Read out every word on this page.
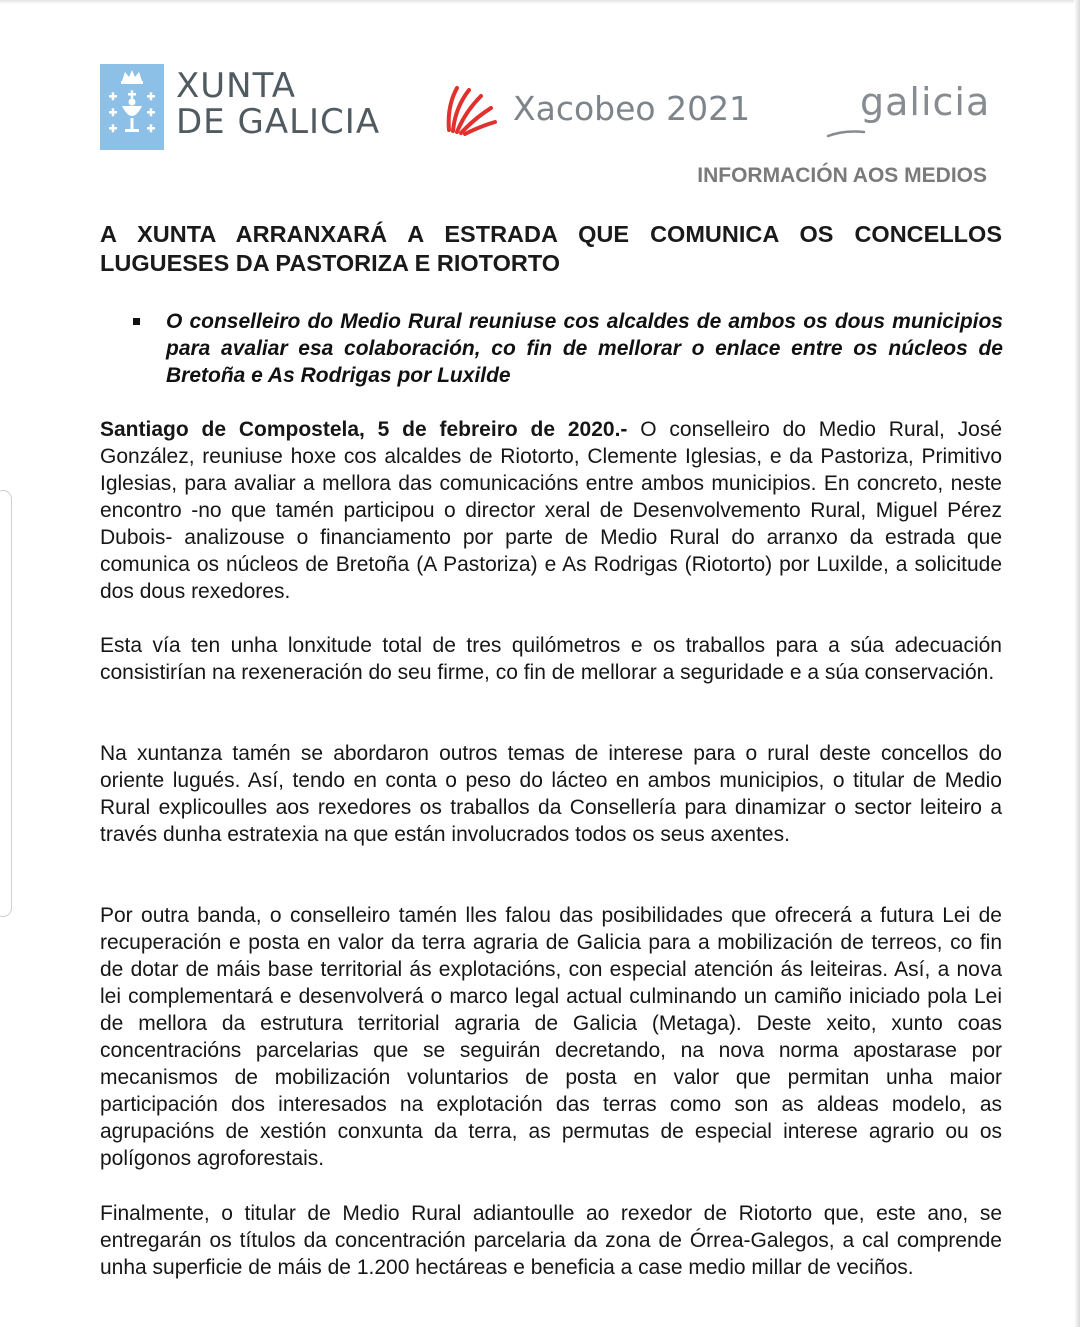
XUNTA
DE GALICIA	Xacobeo 2021	galicia
INFORMACIÓN AOS MEDIOS
A XUNTA ARRANXARÁ A ESTRADA QUE COMUNICA OS CONCELLOS LUGUESES DA PASTORIZA E RIOTORTO
O conselleiro do Medio Rural reuniuse cos alcaldes de ambos os dous municipios para avaliar esa colaboración, co fin de mellorar o enlace entre os núcleos de Bretoña e As Rodrigas por Luxilde
Santiago de Compostela, 5 de febreiro de 2020.- O conselleiro do Medio Rural, José González, reuniuse hoxe cos alcaldes de Riotorto, Clemente Iglesias, e da Pastoriza, Primitivo Iglesias, para avaliar a mellora das comunicacións entre ambos municipios. En concreto, neste encontro -no que tamén participou o director xeral de Desenvolvemento Rural, Miguel Pérez Dubois- analizouse o financiamento por parte de Medio Rural do arranxo da estrada que comunica os núcleos de Bretoña (A Pastoriza) e As Rodrigas (Riotorto) por Luxilde, a solicitude dos dous rexedores.
Esta vía ten unha lonxitude total de tres quilómetros e os traballos para a súa adecuación consistirían na rexeneración do seu firme, co fin de mellorar a seguridade e a súa conservación.
Na xuntanza tamén se abordaron outros temas de interese para o rural deste concellos do oriente lugués. Así, tendo en conta o peso do lácteo en ambos municipios, o titular de Medio Rural explicoulles aos rexedores os traballos da Consellería para dinamizar o sector leiteiro a través dunha estratexia na que están involucrados todos os seus axentes.
Por outra banda, o conselleiro tamén lles falou das posibilidades que ofrecerá a futura Lei de recuperación e posta en valor da terra agraria de Galicia para a mobilización de terreos, co fin de dotar de máis base territorial ás explotacións, con especial atención ás leiteiras. Así, a nova lei complementará e desenvolverá o marco legal actual culminando un camiño iniciado pola Lei de mellora da estrutura territorial agraria de Galicia (Metaga). Deste xeito, xunto coas concentracións parcelarias que se seguirán decretando, na nova norma apostarase por mecanismos de mobilización voluntarios de posta en valor que permitan unha maior participación dos interesados na explotación das terras como son as aldeas modelo, as agrupacións de xestión conxunta da terra, as permutas de especial interese agrario ou os polígonos agroforestais.
Finalmente, o titular de Medio Rural adiantoulle ao rexedor de Riotorto que, este ano, se entregarán os títulos da concentración parcelaria da zona de Órrea-Galegos, a cal comprende unha superficie de máis de 1.200 hectáreas e beneficia a case medio millar de veciños.
